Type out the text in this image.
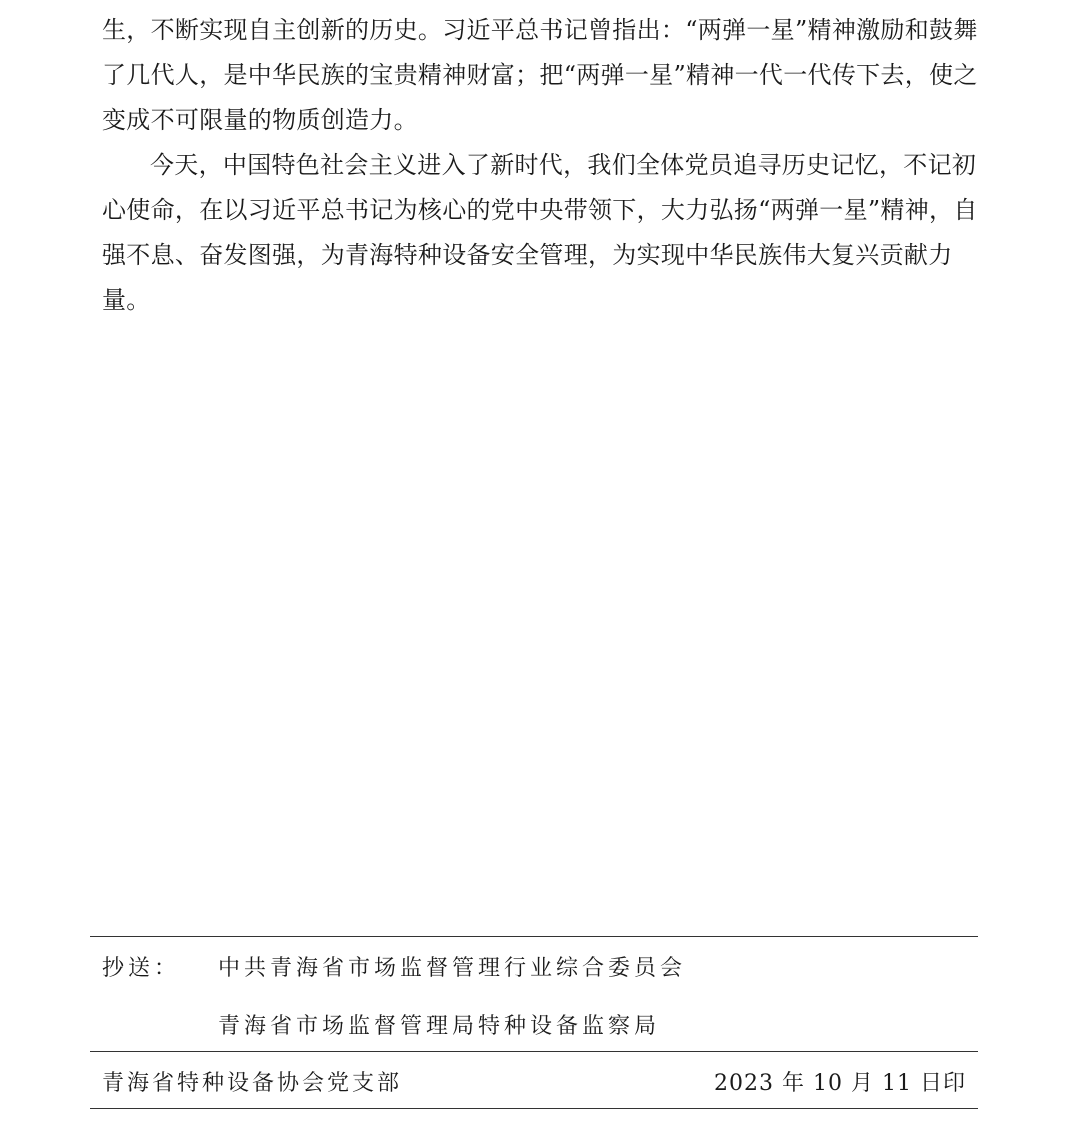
生，不断实现自主创新的历史。习近平总书记曾指出：“两弹一星”精神激励和鼓舞了几代人，是中华民族的宝贵精神财富；把“两弹一星”精神一代一代传下去，使之变成不可限量的物质创造力。

今天，中国特色社会主义进入了新时代，我们全体党员追寻历史记忆，不记初心使命，在以习近平总书记为核心的党中央带领下，大力弘扬“两弹一星”精神，自强不息、奋发图强，为青海特种设备安全管理，为实现中华民族伟大复兴贡献力量。

抄送： 中共青海省市场监督管理行业综合委员会
青海省市场监督管理局特种设备监察局
青海省特种设备协会党支部	2023 年 10 月 11 日印
